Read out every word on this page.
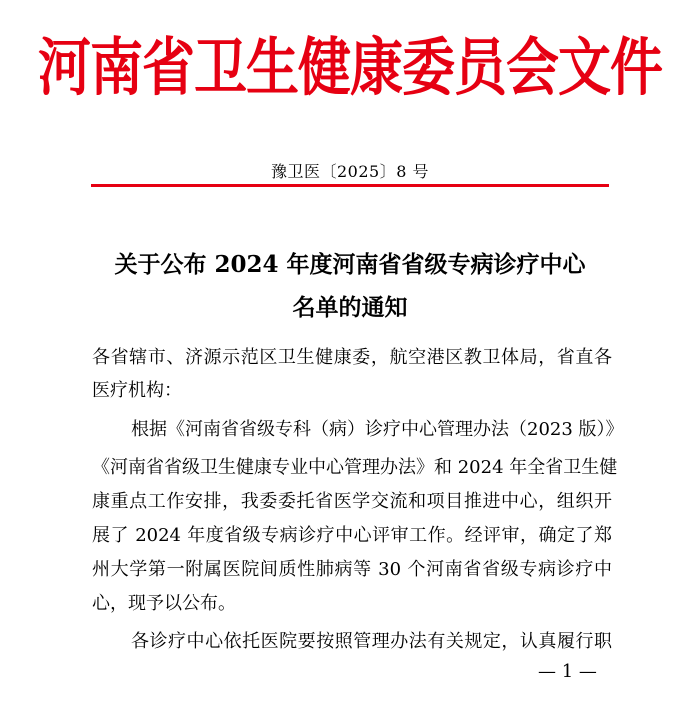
河南省卫生健康委员会文件
豫卫医〔2025〕8 号
关于公布 2024 年度河南省省级专病诊疗中心
名单的通知
各省辖市、济源示范区卫生健康委，航空港区教卫体局，省直各
医疗机构：
根据《河南省省级专科（病）诊疗中心管理办法（2023 版）》
《河南省省级卫生健康专业中心管理办法》和 2024 年全省卫生健
康重点工作安排，我委委托省医学交流和项目推进中心，组织开
展了 2024 年度省级专病诊疗中心评审工作。经评审，确定了郑
州大学第一附属医院间质性肺病等 30 个河南省省级专病诊疗中
心，现予以公布。
各诊疗中心依托医院要按照管理办法有关规定，认真履行职
— 1 —
